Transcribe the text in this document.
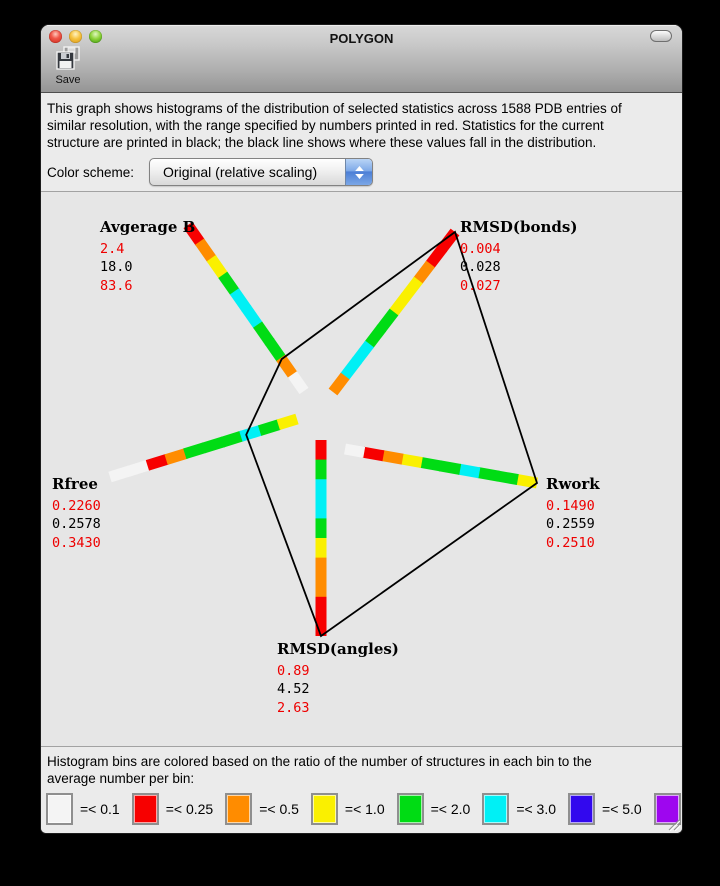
POLYGON
Save
This graph shows histograms of the distribution of selected statistics across 1588 PDB entries of
similar resolution, with the range specified by numbers printed in red. Statistics for the current
structure are printed in black; the black line shows where these values fall in the distribution.
Color scheme:	Original (relative scaling)
Avgerage B
2.4
18.0
83.6
RMSD(bonds)
0.004
0.028
0.027
Rwork
0.1490
0.2559
0.2510
RMSD(angles)
0.89
4.52
2.63
Rfree
0.2260
0.2578
0.3430
Histogram bins are colored based on the ratio of the number of structures in each bin to the
average number per bin:
=< 0.1	=< 0.25	=< 0.5	=< 1.0	=< 2.0	=< 3.0	=< 5.0
